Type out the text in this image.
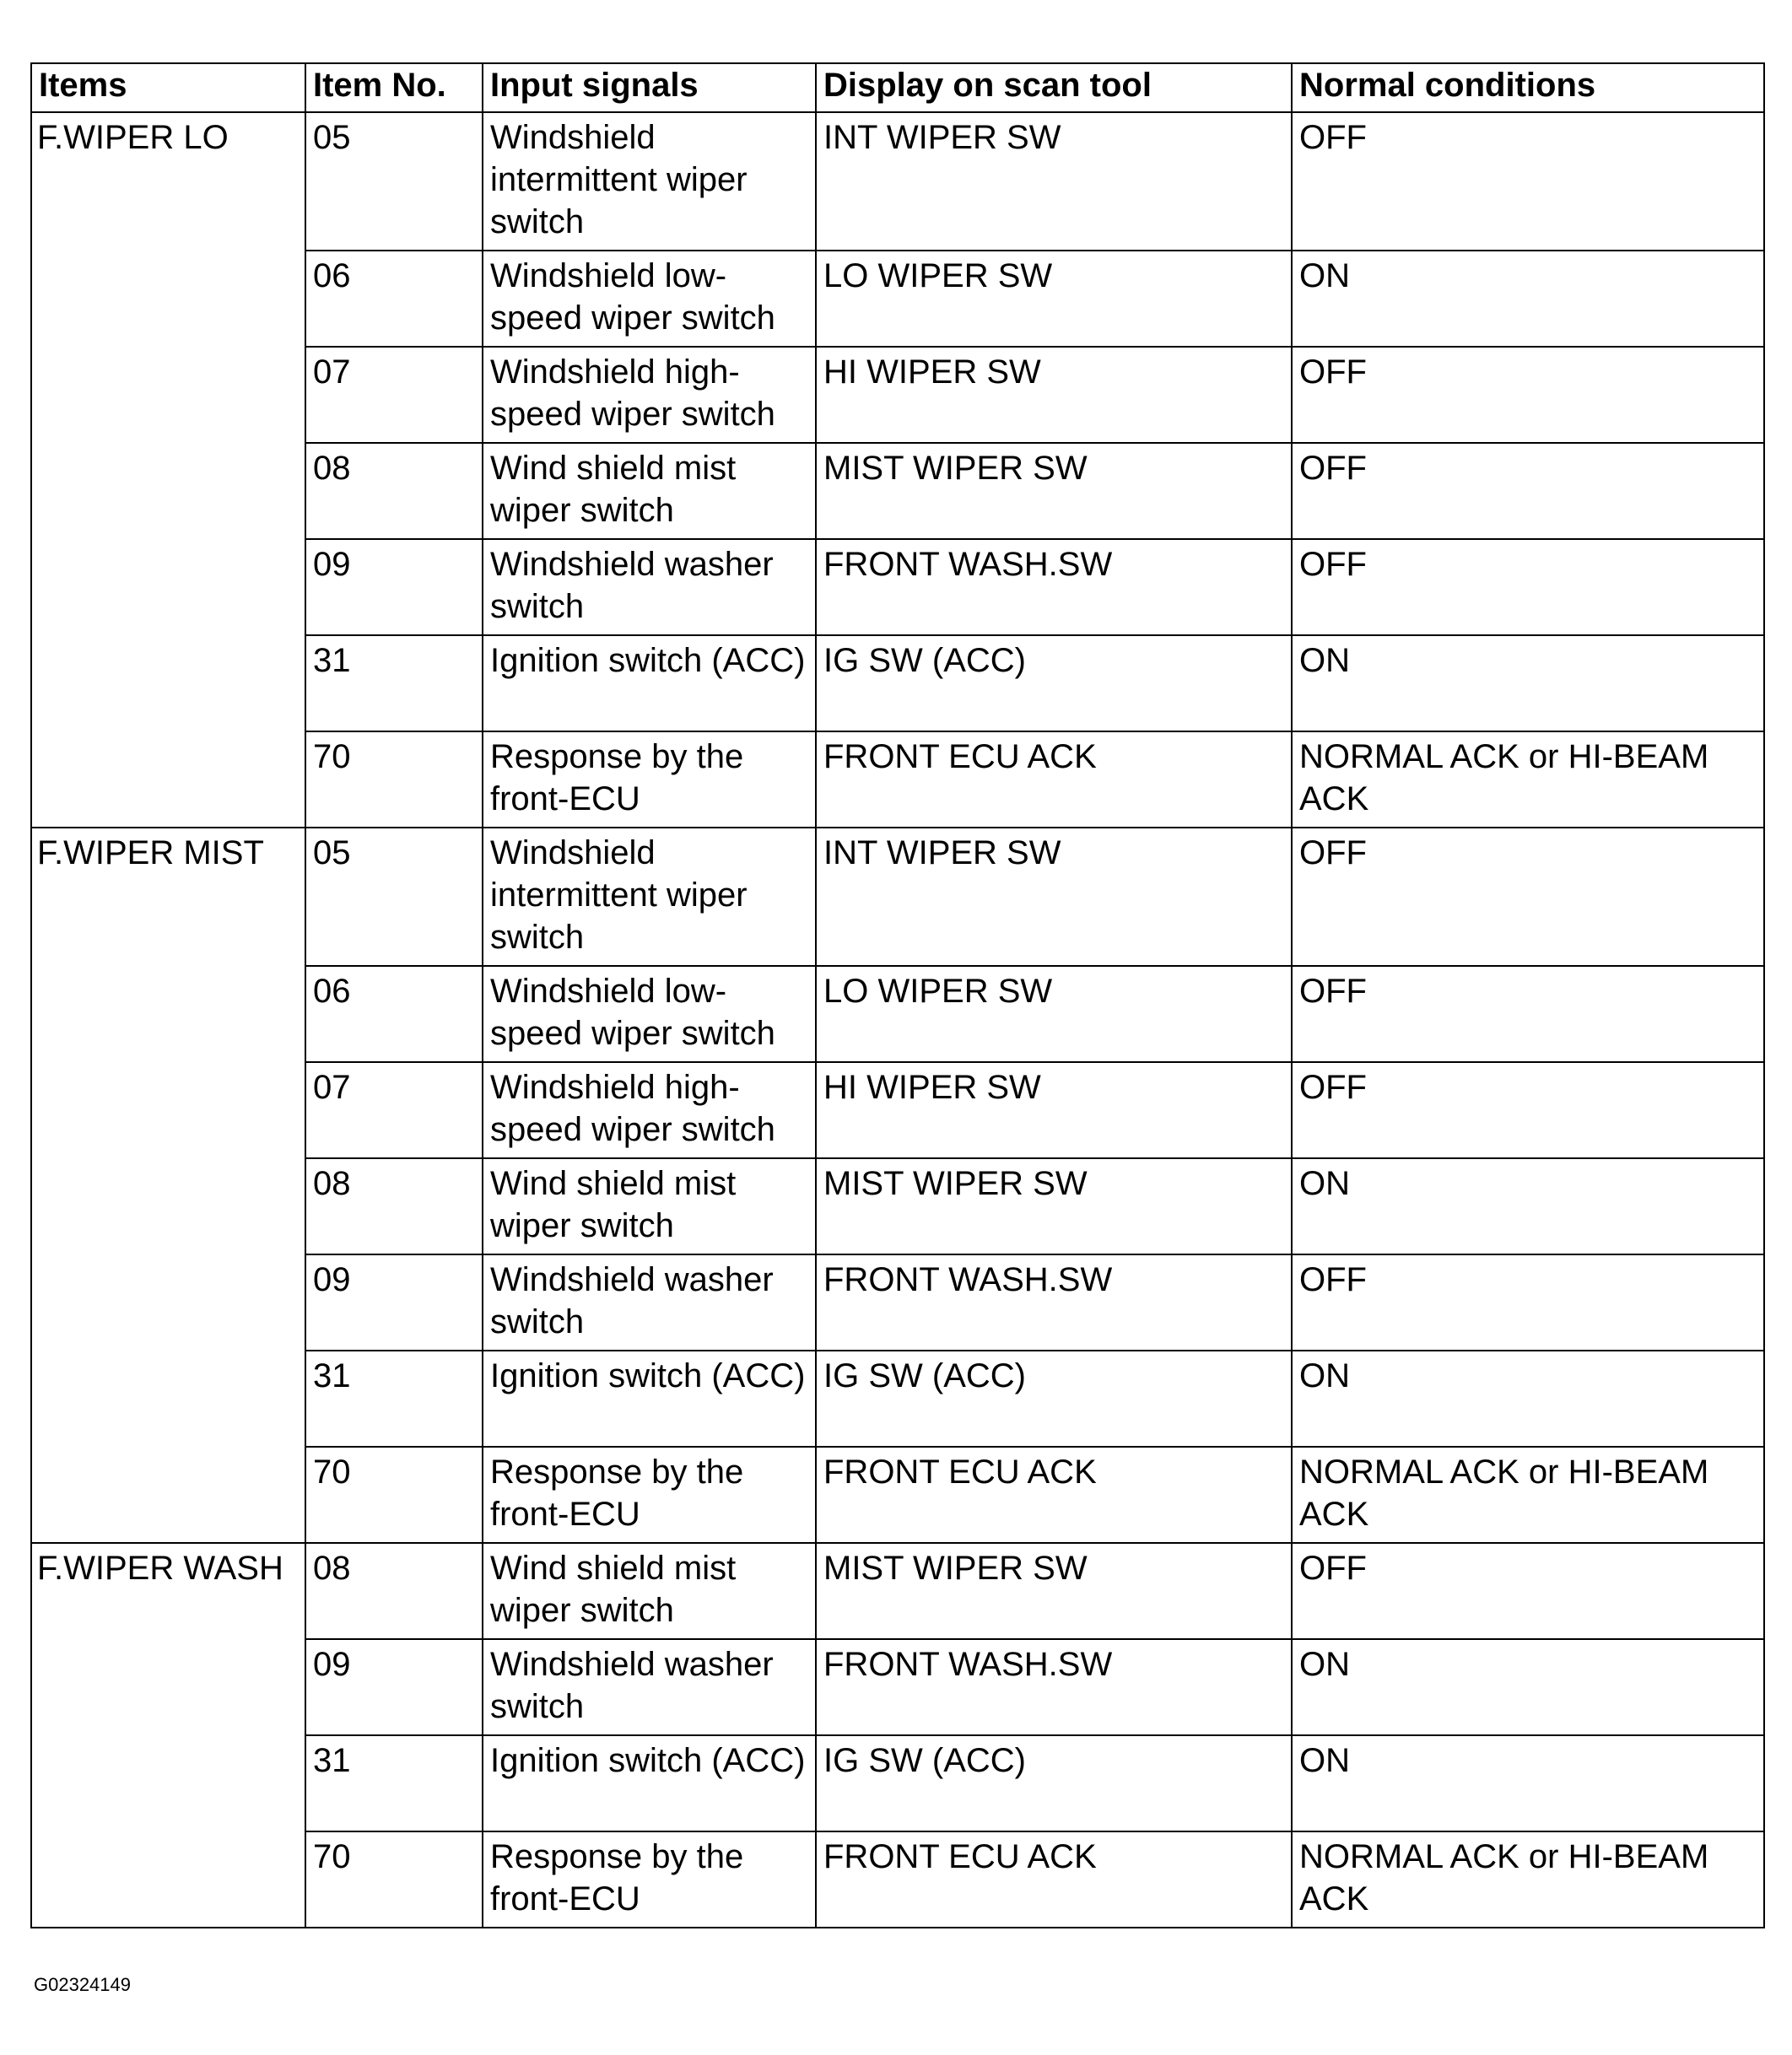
Items	Item No.	Input signals	Display on scan tool	Normal conditions
F.WIPER LO	05	Windshield intermittent wiper switch	INT WIPER SW	OFF
	06	Windshield low-speed wiper switch	LO WIPER SW	ON
	07	Windshield high-speed wiper switch	HI WIPER SW	OFF
	08	Wind shield mist wiper switch	MIST WIPER SW	OFF
	09	Windshield washer switch	FRONT WASH.SW	OFF
	31	Ignition switch (ACC)	IG SW (ACC)	ON
	70	Response by the front-ECU	FRONT ECU ACK	NORMAL ACK or HI-BEAM ACK
F.WIPER MIST	05	Windshield intermittent wiper switch	INT WIPER SW	OFF
	06	Windshield low-speed wiper switch	LO WIPER SW	OFF
	07	Windshield high-speed wiper switch	HI WIPER SW	OFF
	08	Wind shield mist wiper switch	MIST WIPER SW	ON
	09	Windshield washer switch	FRONT WASH.SW	OFF
	31	Ignition switch (ACC)	IG SW (ACC)	ON
	70	Response by the front-ECU	FRONT ECU ACK	NORMAL ACK or HI-BEAM ACK
F.WIPER WASH	08	Wind shield mist wiper switch	MIST WIPER SW	OFF
	09	Windshield washer switch	FRONT WASH.SW	ON
	31	Ignition switch (ACC)	IG SW (ACC)	ON
	70	Response by the front-ECU	FRONT ECU ACK	NORMAL ACK or HI-BEAM ACK
G02324149
